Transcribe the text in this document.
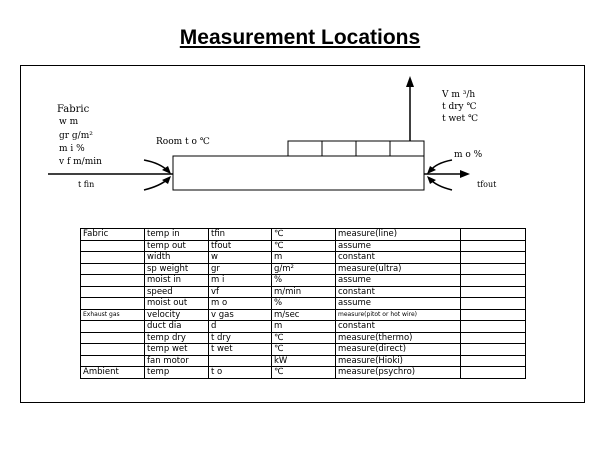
Measurement Locations
Fabric
w m
gr g/m²
m i %
v f m/min
t fin	tfout
Room t o ℃
V m ³/h
t dry ℃
t wet ℃
m o %
Fabric	temp in	tfin	℃	measure(line)	
	temp out	tfout	℃	assume	
	width	w	m	constant	
	sp weight	gr	g/m²	measure(ultra)	
	moist in	m i	%	assume	
	speed	vf	m/min	constant	
	moist out	m o	%	assume	
Exhaust gas	velocity	v gas	m/sec	measure(pitot or hot wire)	
	duct dia	d	m	constant	
	temp dry	t dry	℃	measure(thermo)	
	temp wet	t wet	℃	measure(direct)	
	fan motor		kW	measure(Hioki)	
Ambient	temp	t o	℃	measure(psychro)	
